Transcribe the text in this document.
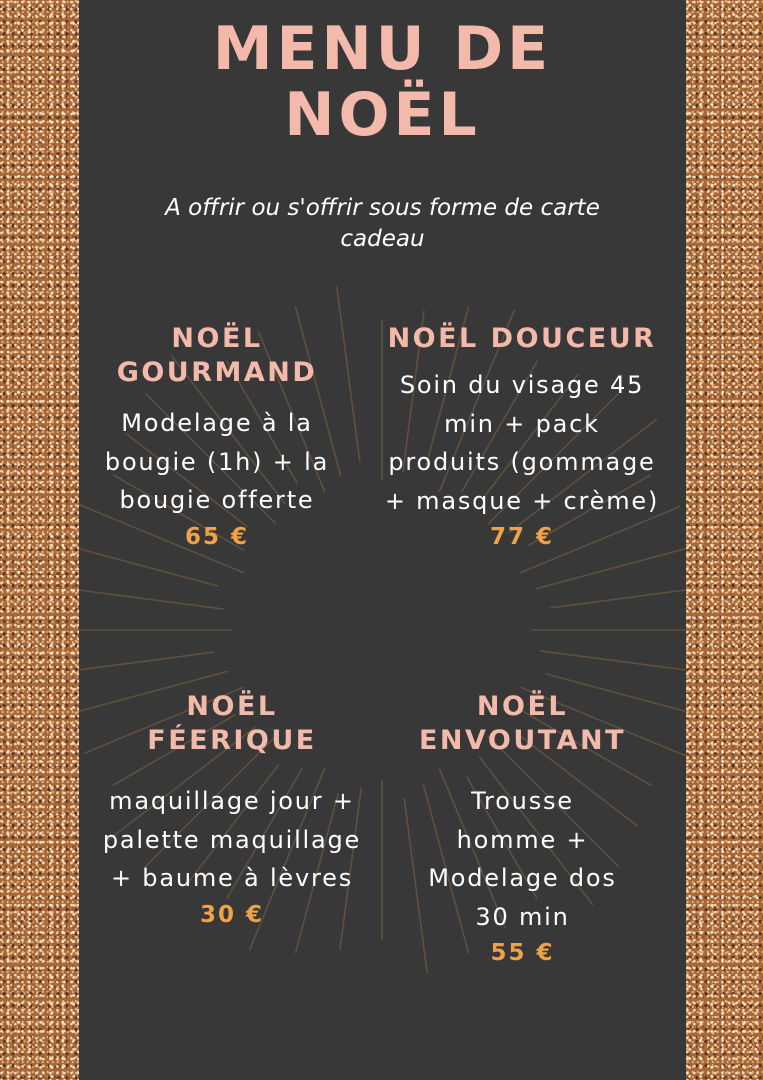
MENU DE
NOËL
A offrir ou s'offrir sous forme de carte
cadeau
NOËL
GOURMAND
Modelage à la
bougie (1h) + la
bougie offerte
65 €
NOËL DOUCEUR
Soin du visage 45
min + pack
produits (gommage
+ masque + crème)
77 €
NOËL
FÉERIQUE
maquillage jour +
palette maquillage
+ baume à lèvres
30 €
NOËL
ENVOUTANT
Trousse
homme +
Modelage dos
30 min
55 €
